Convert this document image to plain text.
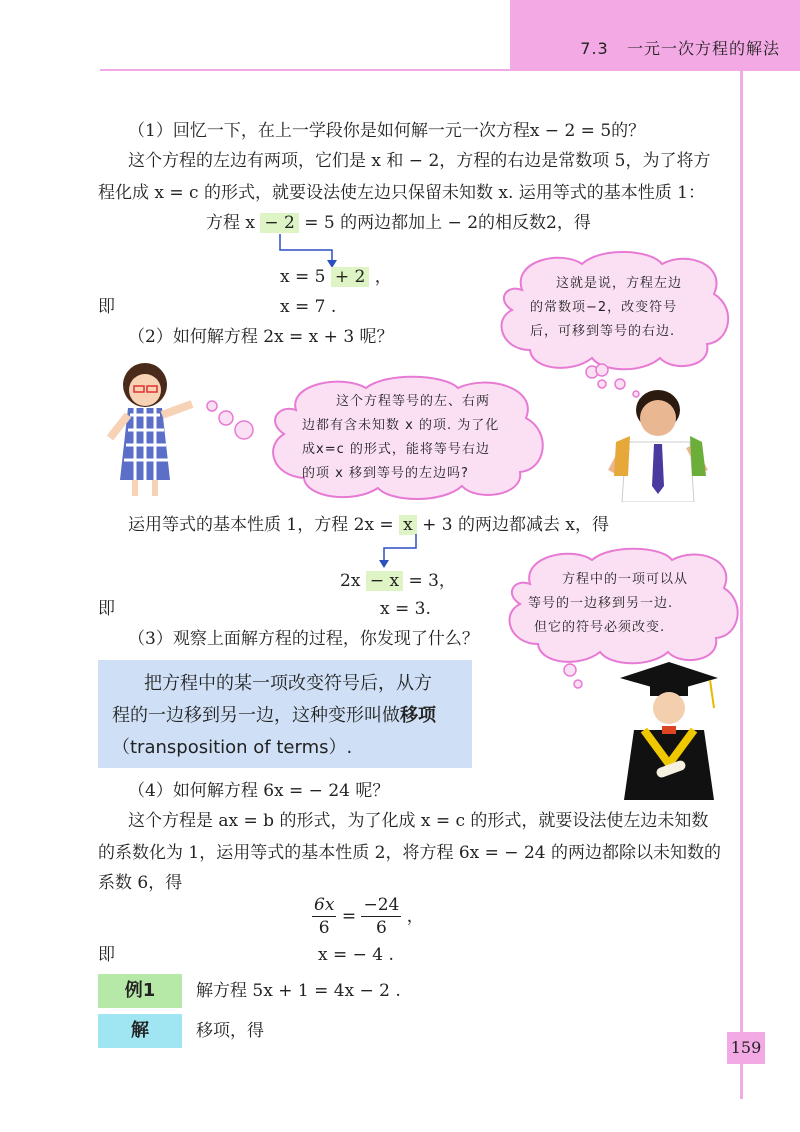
7.3 一元一次方程的解法
（1）回忆一下，在上一学段你是如何解一元一次方程x − 2 = 5的？
这个方程的左边有两项，它们是 x 和 − 2，方程的右边是常数项 5，为了将方
程化成 x = c 的形式，就要设法使左边只保留未知数 x. 运用等式的基本性质 1：
方程 x − 2 = 5 的两边都加上 − 2的相反数2，得
x = 5 + 2 ，
即	x = 7 .
（2）如何解方程 2x = x + 3 呢？
这就是说，方程左边
的常数项−2，改变符号
后，可移到等号的右边.
这个方程等号的左、右两
边都有含未知数 x 的项. 为了化
成x=c 的形式，能将等号右边
的项 x 移到等号的左边吗?
运用等式的基本性质 1，方程 2x = x + 3 的两边都减去 x，得
2x − x = 3，
即	x = 3.
（3）观察上面解方程的过程，你发现了什么？
方程中的一项可以从
等号的一边移到另一边.
但它的符号必须改变.
把方程中的某一项改变符号后，从方
程的一边移到另一边，这种变形叫做移项
（transposition of terms）.
（4）如何解方程 6x = − 24 呢？
这个方程是 ax = b 的形式，为了化成 x = c 的形式，就要设法使左边未知数
的系数化为 1，运用等式的基本性质 2，将方程 6x = − 24 的两边都除以未知数的
系数 6，得
$\frac{6x}{6} = \frac{-24}{6}$ ，
即	x = − 4 .
例1	解方程 5x + 1 = 4x − 2 .
解	移项，得
159
